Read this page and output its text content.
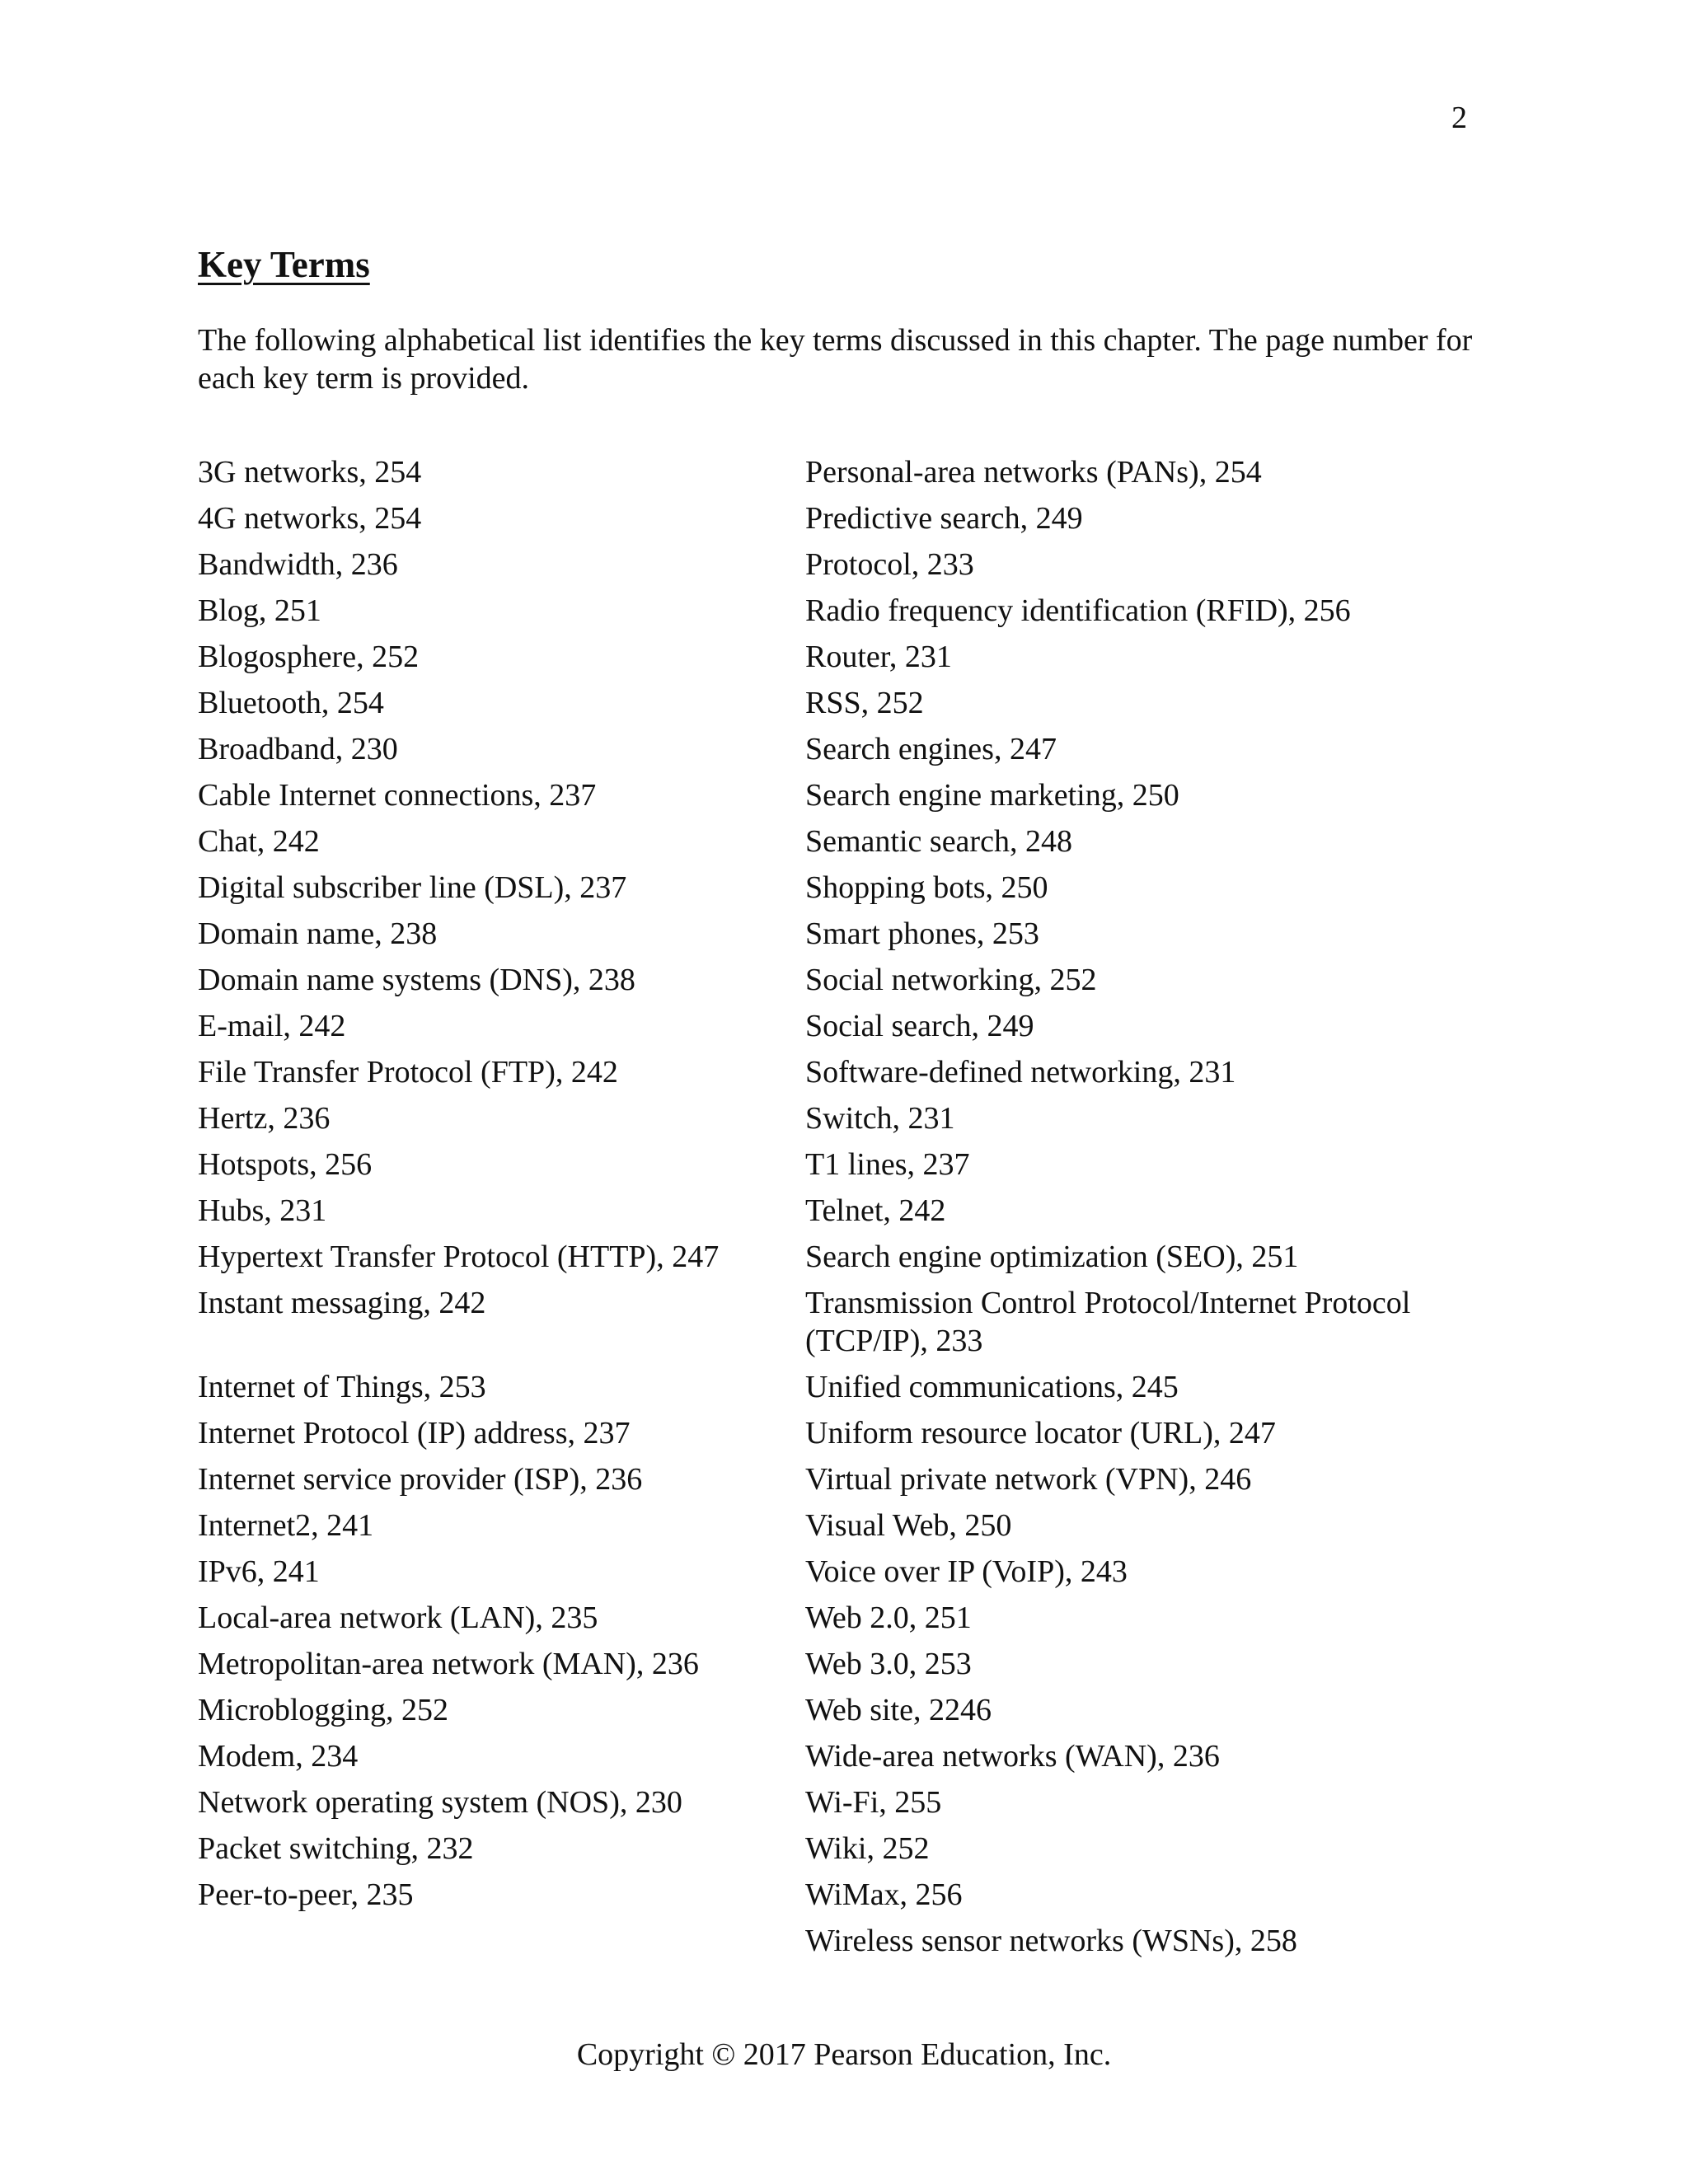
2
Key Terms

The following alphabetical list identifies the key terms discussed in this chapter. The page number for each key term is provided.

3G networks, 254
4G networks, 254
Bandwidth, 236
Blog, 251
Blogosphere, 252
Bluetooth, 254
Broadband, 230
Cable Internet connections, 237
Chat, 242
Digital subscriber line (DSL), 237
Domain name, 238
Domain name systems (DNS), 238
E-mail, 242
File Transfer Protocol (FTP), 242
Hertz, 236
Hotspots, 256
Hubs, 231
Hypertext Transfer Protocol (HTTP), 247
Instant messaging, 242
Internet of Things, 253
Internet Protocol (IP) address, 237
Internet service provider (ISP), 236
Internet2, 241
IPv6, 241
Local-area network (LAN), 235
Metropolitan-area network (MAN), 236
Microblogging, 252
Modem, 234
Network operating system (NOS), 230
Packet switching, 232
Peer-to-peer, 235
Personal-area networks (PANs), 254
Predictive search, 249
Protocol, 233
Radio frequency identification (RFID), 256
Router, 231
RSS, 252
Search engines, 247
Search engine marketing, 250
Semantic search, 248
Shopping bots, 250
Smart phones, 253
Social networking, 252
Social search, 249
Software-defined networking, 231
Switch, 231
T1 lines, 237
Telnet, 242
Search engine optimization (SEO), 251
Transmission Control Protocol/Internet Protocol (TCP/IP), 233
Unified communications, 245
Uniform resource locator (URL), 247
Virtual private network (VPN), 246
Visual Web, 250
Voice over IP (VoIP), 243
Web 2.0, 251
Web 3.0, 253
Web site, 2246
Wide-area networks (WAN), 236
Wi-Fi, 255
Wiki, 252
WiMax, 256
Wireless sensor networks (WSNs), 258
Copyright © 2017 Pearson Education, Inc.
